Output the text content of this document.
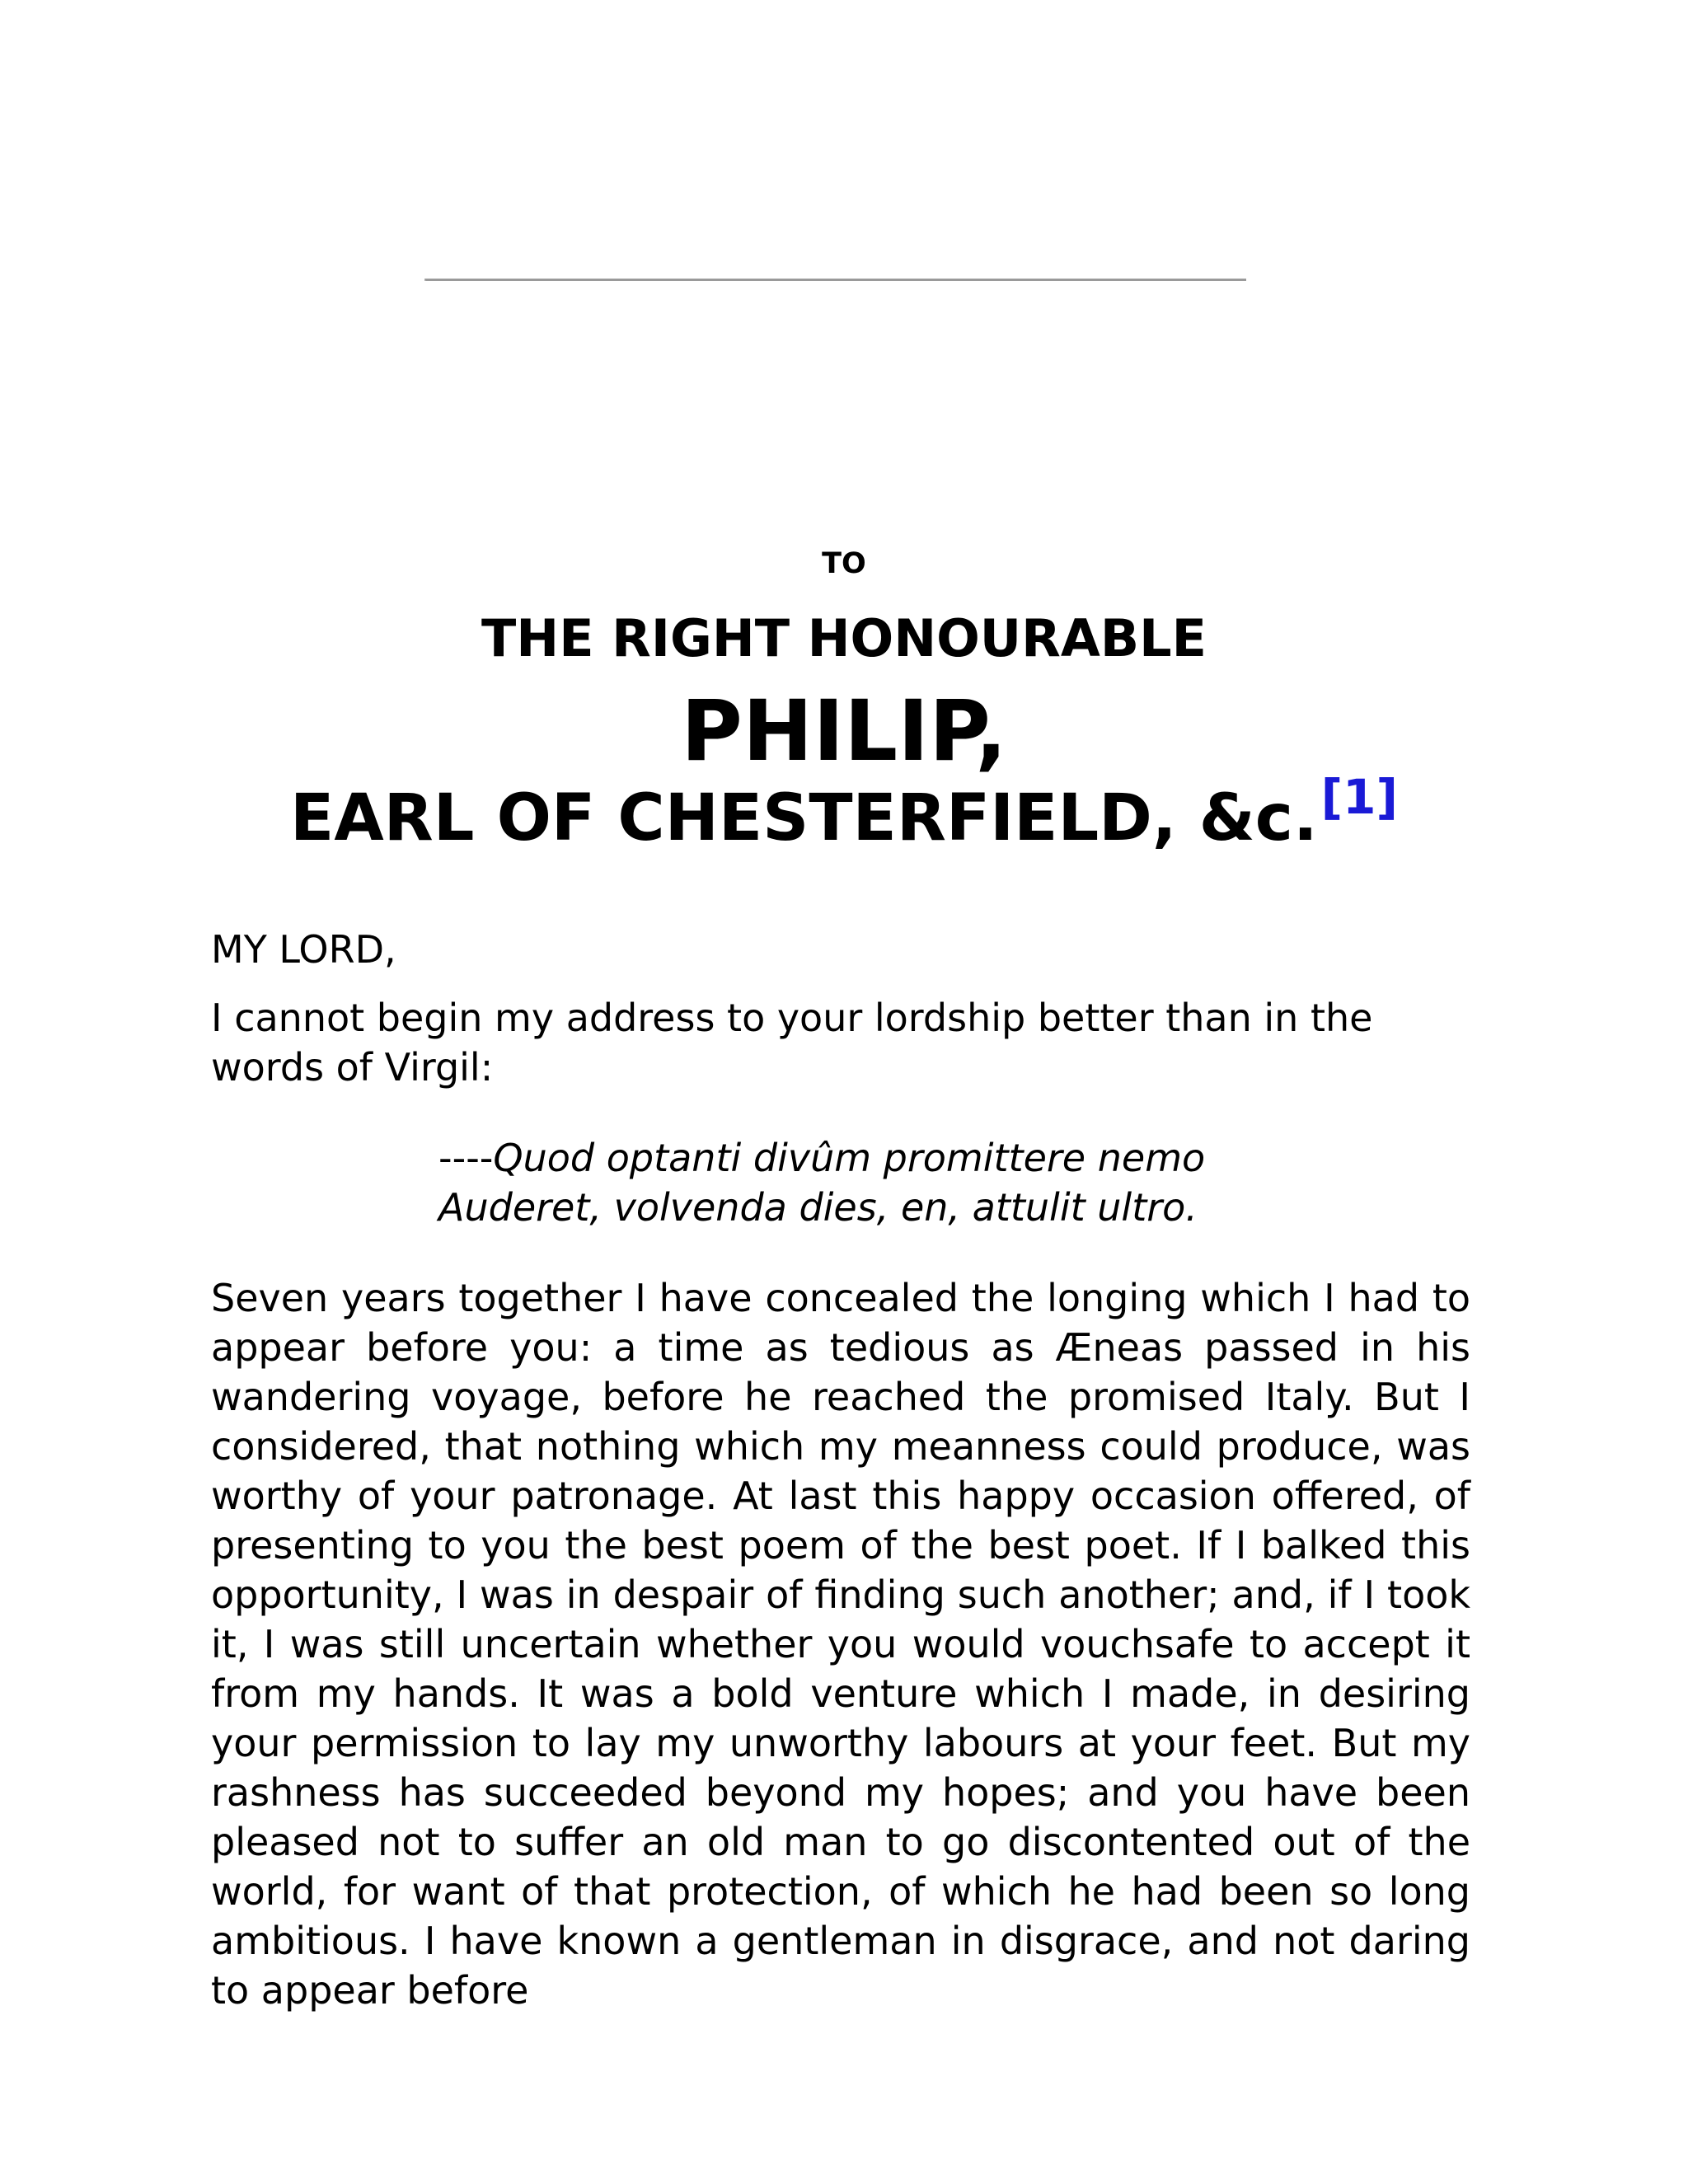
TO
THE RIGHT HONOURABLE
PHILIP,
EARL OF CHESTERFIELD, &c.[1]
MY LORD,
I cannot begin my address to your lordship better than in the words of Virgil:
----Quod optanti divûm promittere nemo
Auderet, volvenda dies, en, attulit ultro.
Seven years together I have concealed the longing which I had to appear before you: a time as tedious as Æneas passed in his wandering voyage, before he reached the promised Italy. But I considered, that nothing which my meanness could produce, was worthy of your patronage. At last this happy occasion offered, of presenting to you the best poem of the best poet. If I balked this opportunity, I was in despair of finding such another; and, if I took it, I was still uncertain whether you would vouchsafe to accept it from my hands. It was a bold venture which I made, in desiring your permission to lay my unworthy labours at your feet. But my rashness has succeeded beyond my hopes; and you have been pleased not to suffer an old man to go discontented out of the world, for want of that protection, of which he had been so long ambitious. I have known a gentleman in disgrace, and not daring to appear before
